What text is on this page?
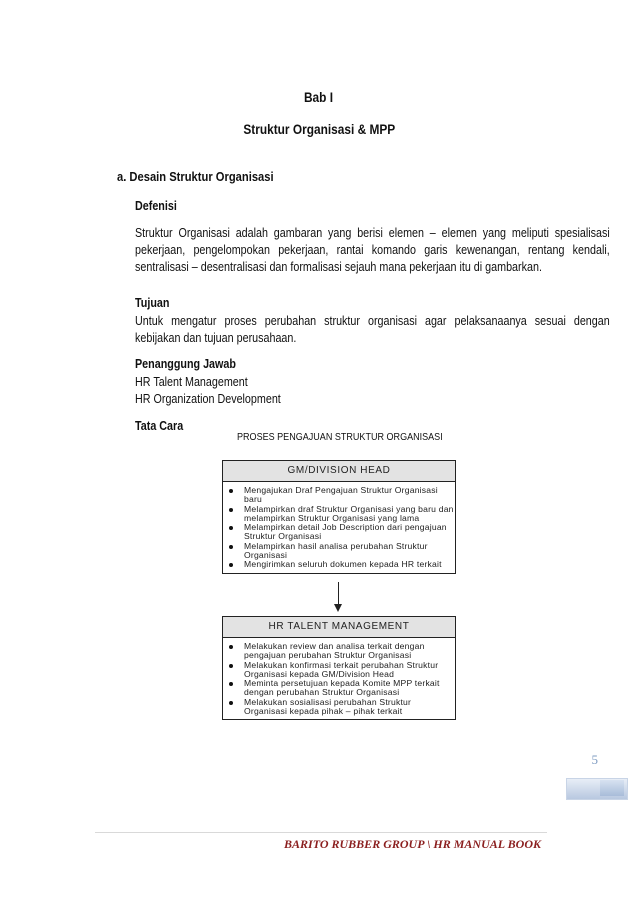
Bab I
Struktur Organisasi & MPP
a. Desain Struktur Organisasi
Defenisi
Struktur Organisasi adalah gambaran yang berisi elemen – elemen yang meliputi spesialisasi pekerjaan, pengelompokan pekerjaan, rantai komando garis kewenangan, rentang kendali, sentralisasi – desentralisasi dan formalisasi sejauh mana pekerjaan itu di gambarkan.
Tujuan
Untuk mengatur proses perubahan struktur organisasi agar pelaksanaanya sesuai dengan kebijakan dan tujuan perusahaan.
Penanggung Jawab
HR Talent Management
HR Organization Development
Tata Cara
PROSES PENGAJUAN STRUKTUR ORGANISASI
GM/DIVISION HEAD
Mengajukan Draf Pengajuan Struktur Organisasi baru
Melampirkan draf Struktur Organisasi yang baru dan melampirkan Struktur Organisasi yang lama
Melampirkan detail Job Description dari pengajuan Struktur Organisasi
Melampirkan hasil analisa perubahan Struktur Organisasi
Mengirimkan seluruh dokumen kepada HR terkait
HR TALENT MANAGEMENT
Melakukan review dan analisa terkait dengan pengajuan perubahan Struktur Organisasi
Melakukan konfirmasi terkait perubahan Struktur Organisasi kepada GM/Division Head
Meminta persetujuan kepada Komite MPP terkait dengan perubahan Struktur Organisasi
Melakukan sosialisasi perubahan Struktur Organisasi kepada pihak – pihak terkait
5
BARITO RUBBER GROUP \ HR MANUAL BOOK
